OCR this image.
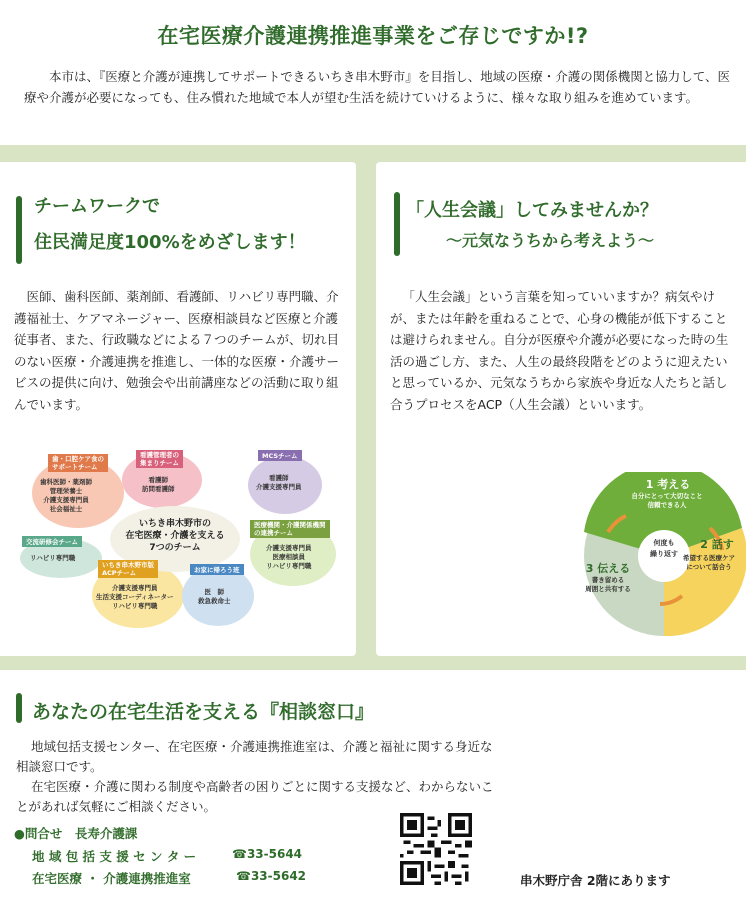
在宅医療介護連携推進事業をご存じですか!?

本市は、『医療と介護が連携してサポートできるいちき串木野市』を目指し、地域の医療・介護の関係機関と協力して、医療や介護が必要になっても、住み慣れた地域で本人が望む生活を続けていけるように、様々な取り組みを進めています。

チームワークで
住民満足度100%をめざします！

医師、歯科医師、薬剤師、看護師、リハビリ専門職、介護福祉士、ケアマネージャー、医療相談員など医療と介護従事者、また、行政職などによる７つのチームが、切れ目のない医療・介護連携を推進し、一体的な医療・介護サービスの提供に向け、勉強会や出前講座などの活動に取り組んでいます。

歯・口腔ケア食の
サポートチーム
看護管理者の
集まりチーム
MCSチーム
交流研修会チーム
医療機関・介護関係機関
の連携チーム
いちき串木野市版
ACPチーム	お家に帰ろう班
歯科医師・薬剤師
管理栄養士
介護支援専門員
社会福祉士
看護師
訪問看護師
看護師
介護支援専門員
リハビリ専門職
介護支援専門員
医療相談員
リハビリ専門職
介護支援専門員
生活支援コーディネーター
リハビリ専門職
医　師
救急救命士
いちき串木野市の
在宅医療・介護を支える
7つのチーム
「人生会議」してみませんか？
〜元気なうちから考えよう〜

「人生会議」という言葉を知っていいますか？病気やけが、または年齢を重ねることで、心身の機能が低下することは避けられません。自分が医療や介護が必要になった時の生活の過ごし方、また、人生の最終段階をどのように迎えたいと思っているか、元気なうちから家族や身近な人たちと話し合うプロセスをACP（人生会議）といいます。

何度も
繰り返す
1 考える
自分にとって大切なこと
信頼できる人
2 話す
希望する医療ケア
について話合う
3 伝える
書き留める
周囲と共有する
あなたの在宅生活を支える『相談窓口』

地域包括支援センター、在宅医療・介護連携推進室は、介護と福祉に関する身近な相談窓口です。

在宅医療・介護に関わる制度や高齢者の困りごとに関する支援など、わからないことがあれば気軽にご相談ください。

●問合せ　長寿介護課
地 域 包 括 支 援 セ ン タ ー	☎33-5644
在宅医療 ・ 介護連携推進室	☎33-5642	串木野庁舎 2階にあります
